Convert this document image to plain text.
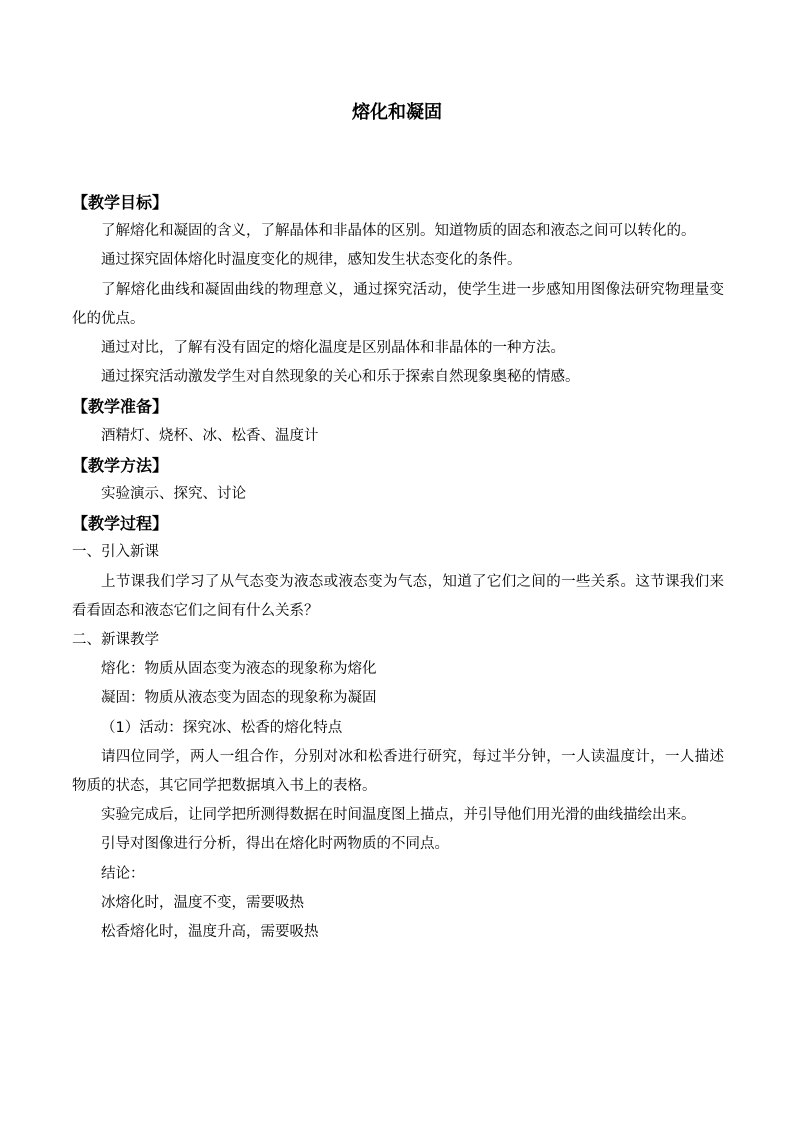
熔化和凝固
【教学目标】

了解熔化和凝固的含义，了解晶体和非晶体的区别。知道物质的固态和液态之间可以转化的。

通过探究固体熔化时温度变化的规律，感知发生状态变化的条件。

了解熔化曲线和凝固曲线的物理意义，通过探究活动，使学生进一步感知用图像法研究物理量变化的优点。

通过对比，了解有没有固定的熔化温度是区别晶体和非晶体的一种方法。

通过探究活动激发学生对自然现象的关心和乐于探索自然现象奥秘的情感。

【教学准备】

酒精灯、烧杯、冰、松香、温度计

【教学方法】

实验演示、探究、讨论

【教学过程】

一、引入新课

上节课我们学习了从气态变为液态或液态变为气态，知道了它们之间的一些关系。这节课我们来看看固态和液态它们之间有什么关系？

二、新课教学

熔化：物质从固态变为液态的现象称为熔化

凝固：物质从液态变为固态的现象称为凝固

（1）活动：探究冰、松香的熔化特点

请四位同学，两人一组合作，分别对冰和松香进行研究，每过半分钟，一人读温度计，一人描述物质的状态，其它同学把数据填入书上的表格。

实验完成后，让同学把所测得数据在时间温度图上描点，并引导他们用光滑的曲线描绘出来。

引导对图像进行分析，得出在熔化时两物质的不同点。

结论：

冰熔化时，温度不变，需要吸热

松香熔化时，温度升高，需要吸热
